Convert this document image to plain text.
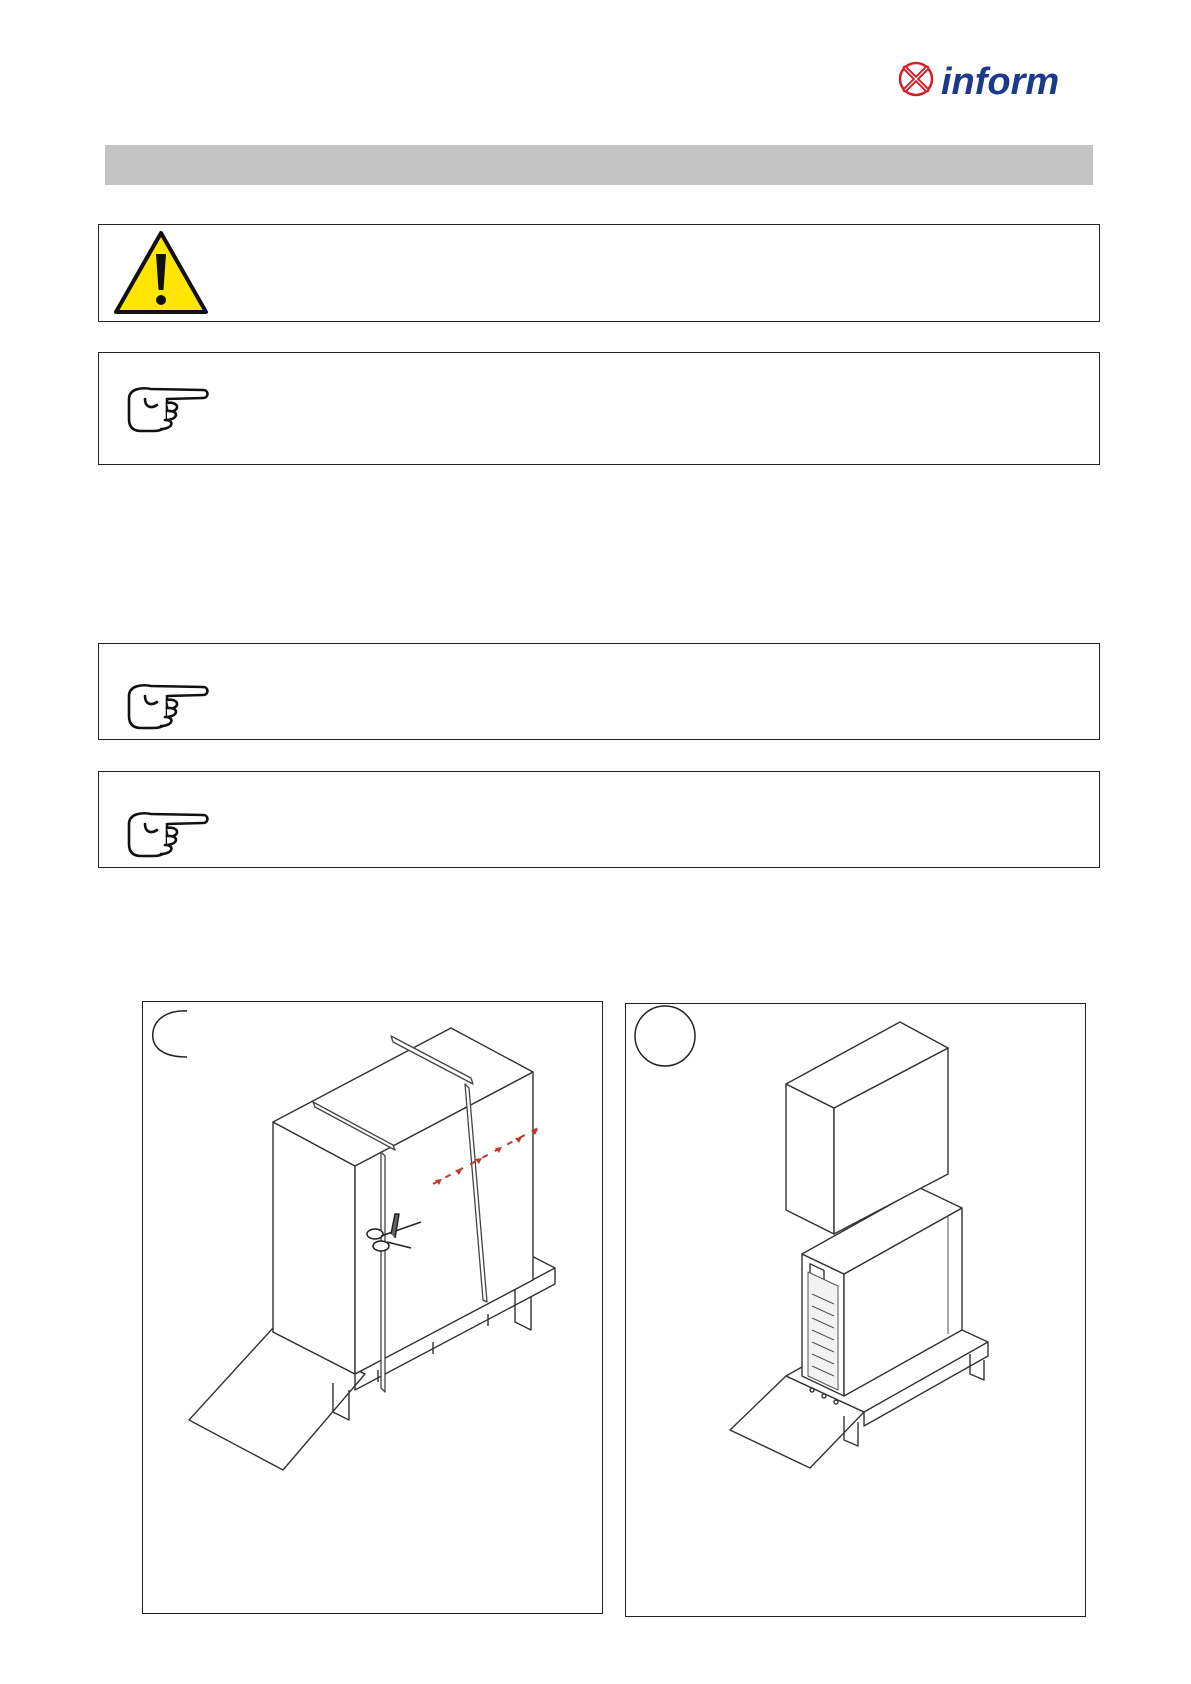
inform
